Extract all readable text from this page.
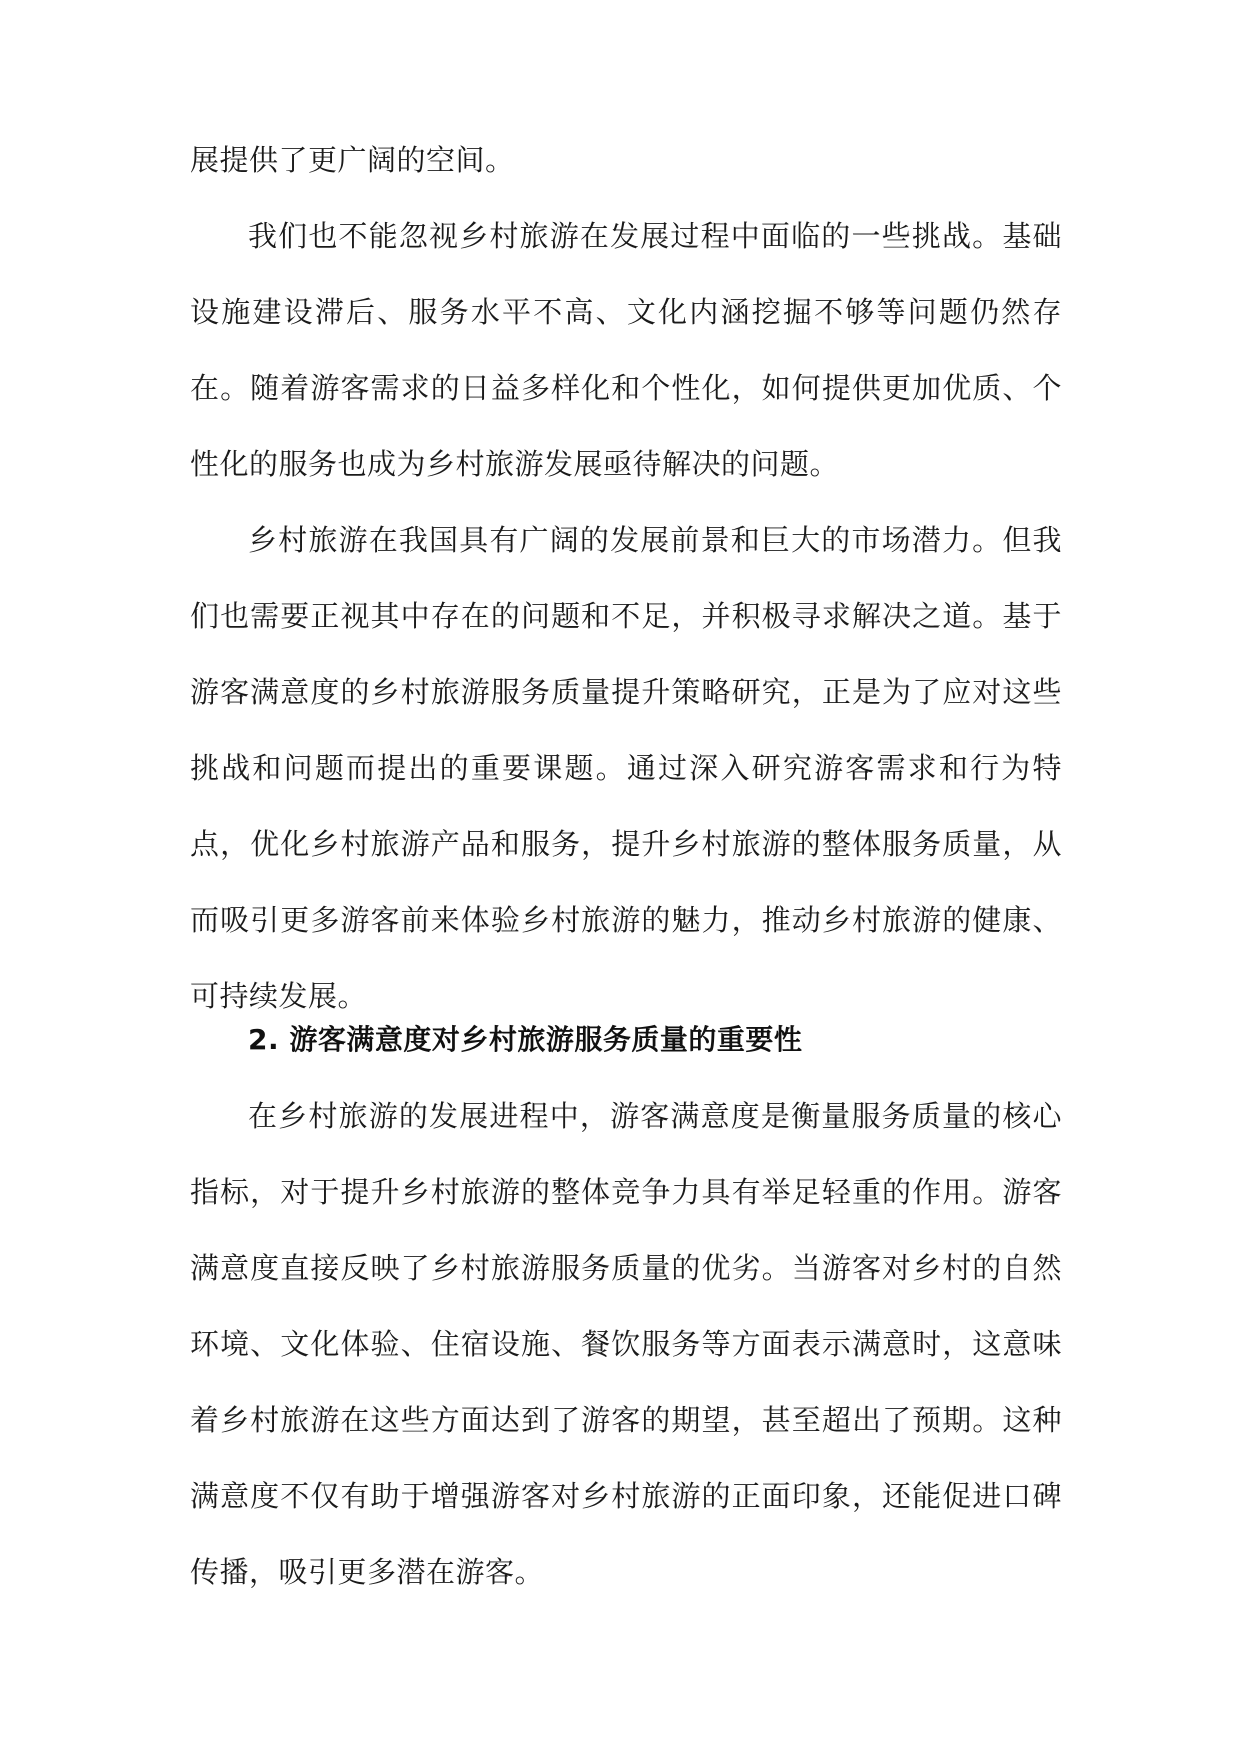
展提供了更广阔的空间。

我们也不能忽视乡村旅游在发展过程中面临的一些挑战。基础设施建设滞后、服务水平不高、文化内涵挖掘不够等问题仍然存在。随着游客需求的日益多样化和个性化，如何提供更加优质、个性化的服务也成为乡村旅游发展亟待解决的问题。

乡村旅游在我国具有广阔的发展前景和巨大的市场潜力。但我们也需要正视其中存在的问题和不足，并积极寻求解决之道。基于游客满意度的乡村旅游服务质量提升策略研究，正是为了应对这些挑战和问题而提出的重要课题。通过深入研究游客需求和行为特点，优化乡村旅游产品和服务，提升乡村旅游的整体服务质量，从而吸引更多游客前来体验乡村旅游的魅力，推动乡村旅游的健康、可持续发展。

2. 游客满意度对乡村旅游服务质量的重要性

在乡村旅游的发展进程中，游客满意度是衡量服务质量的核心指标，对于提升乡村旅游的整体竞争力具有举足轻重的作用。游客满意度直接反映了乡村旅游服务质量的优劣。当游客对乡村的自然环境、文化体验、住宿设施、餐饮服务等方面表示满意时，这意味着乡村旅游在这些方面达到了游客的期望，甚至超出了预期。这种满意度不仅有助于增强游客对乡村旅游的正面印象，还能促进口碑传播，吸引更多潜在游客。
